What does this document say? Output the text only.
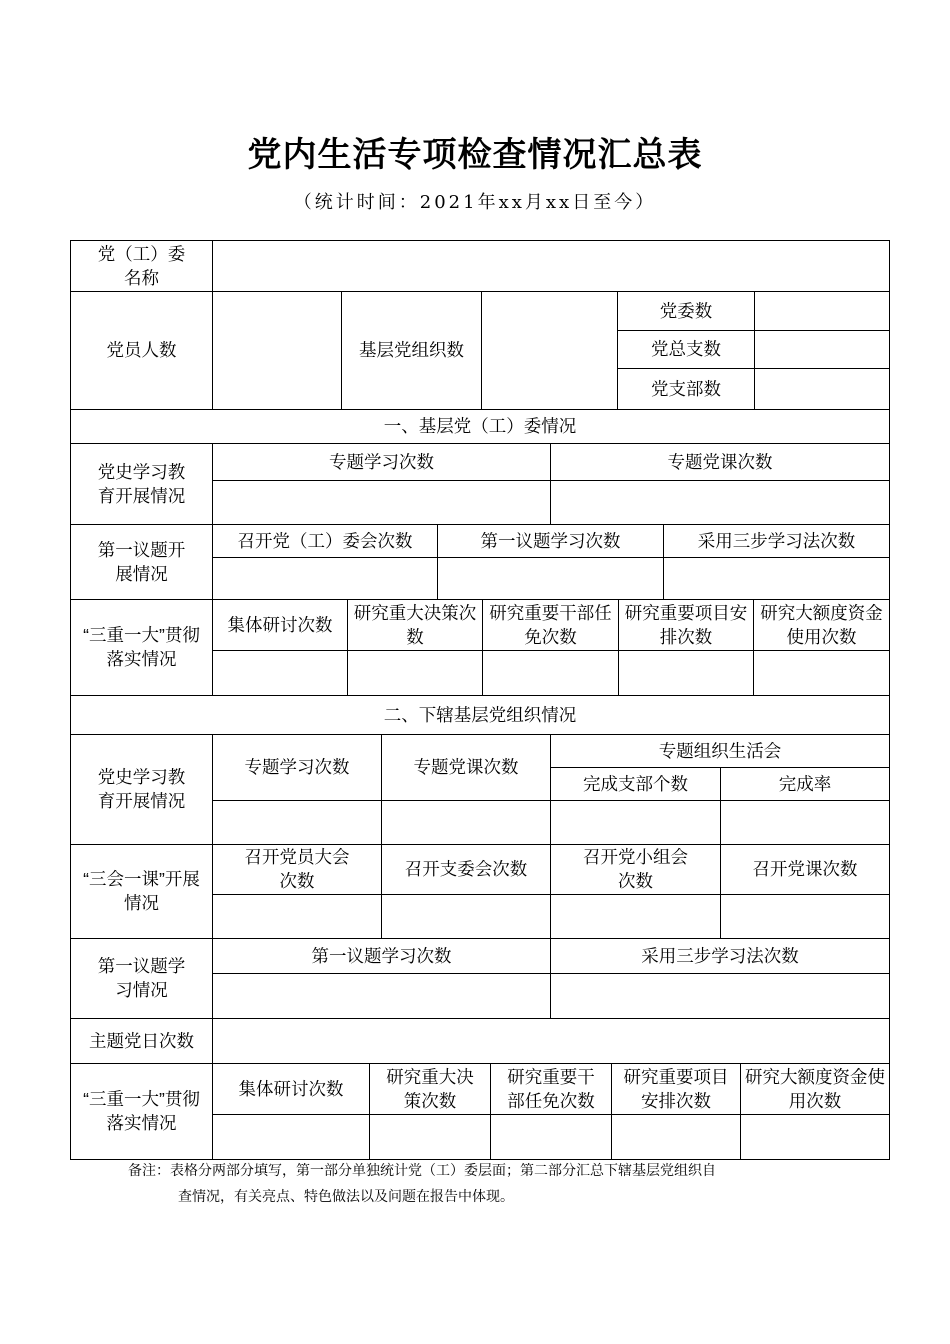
党内生活专项检查情况汇总表
（统计时间：2021年xx月xx日至今）
党（工）委名称	
党员人数		基层党组织数		党委数	
				党总支数	
				党支部数	
一、基层党（工）委情况
党史学习教育开展情况	专题学习次数	专题党课次数

第一议题开展情况	召开党（工）委会次数	第一议题学习次数	采用三步学习法次数

“三重一大”贯彻落实情况	集体研讨次数	研究重大决策次数	研究重要干部任免次数	研究重要项目安排次数	研究大额度资金使用次数

二、下辖基层党组织情况
党史学习教育开展情况	专题学习次数	专题党课次数	专题组织生活会	
			完成支部个数	完成率

“三会一课”开展情况	召开党员大会次数	召开支委会次数	召开党小组会次数	召开党课次数

第一议题学习情况	第一议题学习次数	采用三步学习法次数

主题党日次数	
“三重一大”贯彻落实情况	集体研讨次数	研究重大决策次数	研究重要干部任免次数	研究重要项目安排次数	研究大额度资金使用次数

备注：表格分两部分填写，第一部分单独统计党（工）委层面；第二部分汇总下辖基层党组织自
查情况，有关亮点、特色做法以及问题在报告中体现。
